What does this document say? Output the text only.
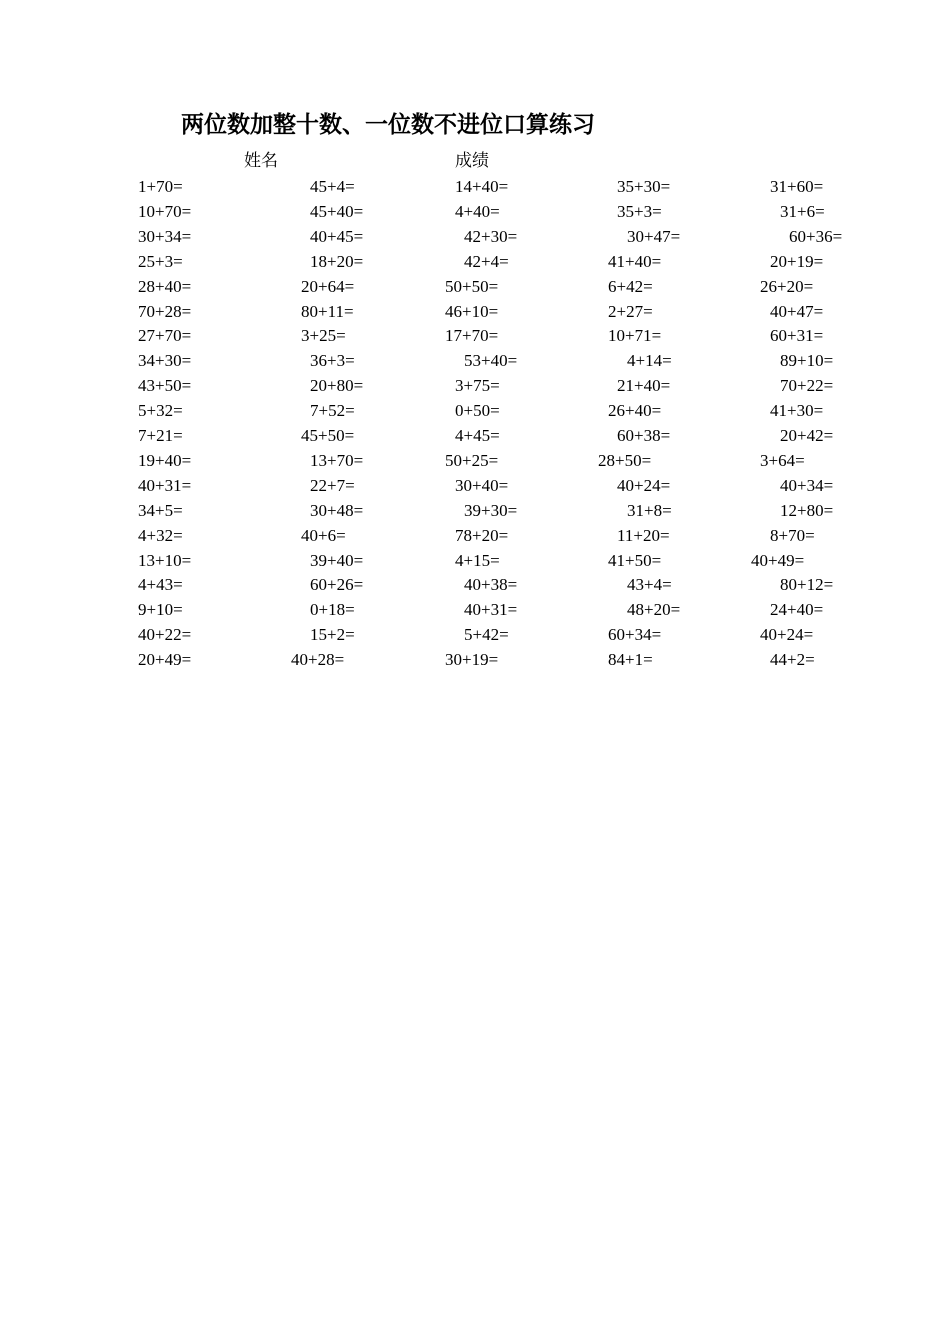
两位数加整十数、一位数不进位口算练习
姓名	成绩
1+70=	45+4=	14+40=	35+30=	31+60=
10+70=	45+40=	4+40=	35+3=	31+6=
30+34=	40+45=	42+30=	30+47=	60+36=
25+3=	18+20=	42+4=	41+40=	20+19=
28+40=	20+64=	50+50=	6+42=	26+20=
70+28=	80+11=	46+10=	2+27=	40+47=
27+70=	3+25=	17+70=	10+71=	60+31=
34+30=	36+3=	53+40=	4+14=	89+10=
43+50=	20+80=	3+75=	21+40=	70+22=
5+32=	7+52=	0+50=	26+40=	41+30=
7+21=	45+50=	4+45=	60+38=	20+42=
19+40=	13+70=	50+25=	28+50=	3+64=
40+31=	22+7=	30+40=	40+24=	40+34=
34+5=	30+48=	39+30=	31+8=	12+80=
4+32=	40+6=	78+20=	11+20=	8+70=
13+10=	39+40=	4+15=	41+50=	40+49=
4+43=	60+26=	40+38=	43+4=	80+12=
9+10=	0+18=	40+31=	48+20=	24+40=
40+22=	15+2=	5+42=	60+34=	40+24=
20+49=	40+28=	30+19=	84+1=	44+2=
